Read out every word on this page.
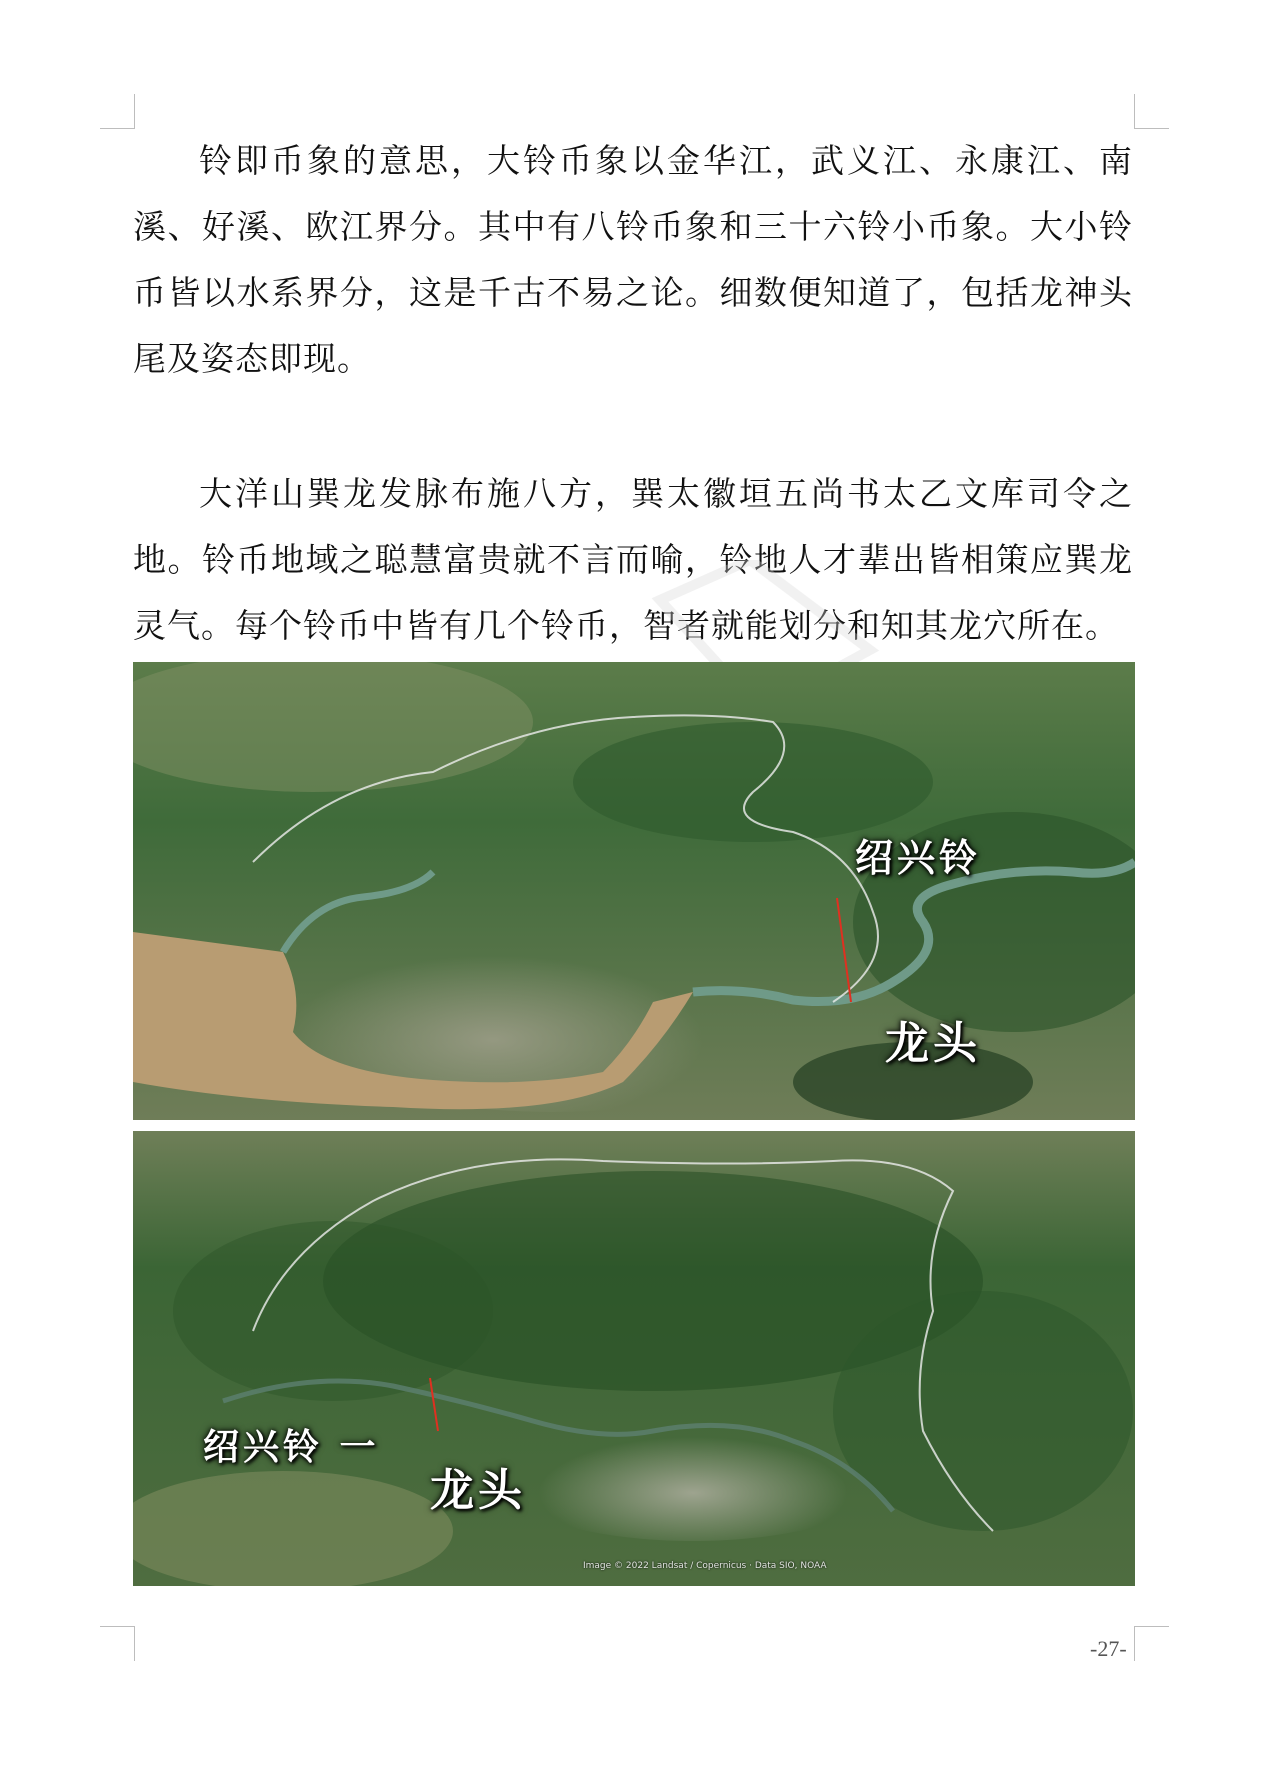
铃即币象的意思，大铃币象以金华江，武义江、永康江、南溪、好溪、欧江界分。其中有八铃币象和三十六铃小币象。大小铃币皆以水系界分，这是千古不易之论。细数便知道了，包括龙神头尾及姿态即现。

大洋山巽龙发脉布施八方，巽太徽垣五尚书太乙文库司令之地。铃币地域之聪慧富贵就不言而喻，铃地人才辈出皆相策应巽龙灵气。每个铃币中皆有几个铃币，智者就能划分和知其龙穴所在。

绍兴铃
龙头
绍兴铃 一
龙头
Image © 2022 Landsat / Copernicus · Data SIO, NOAA
-27-
